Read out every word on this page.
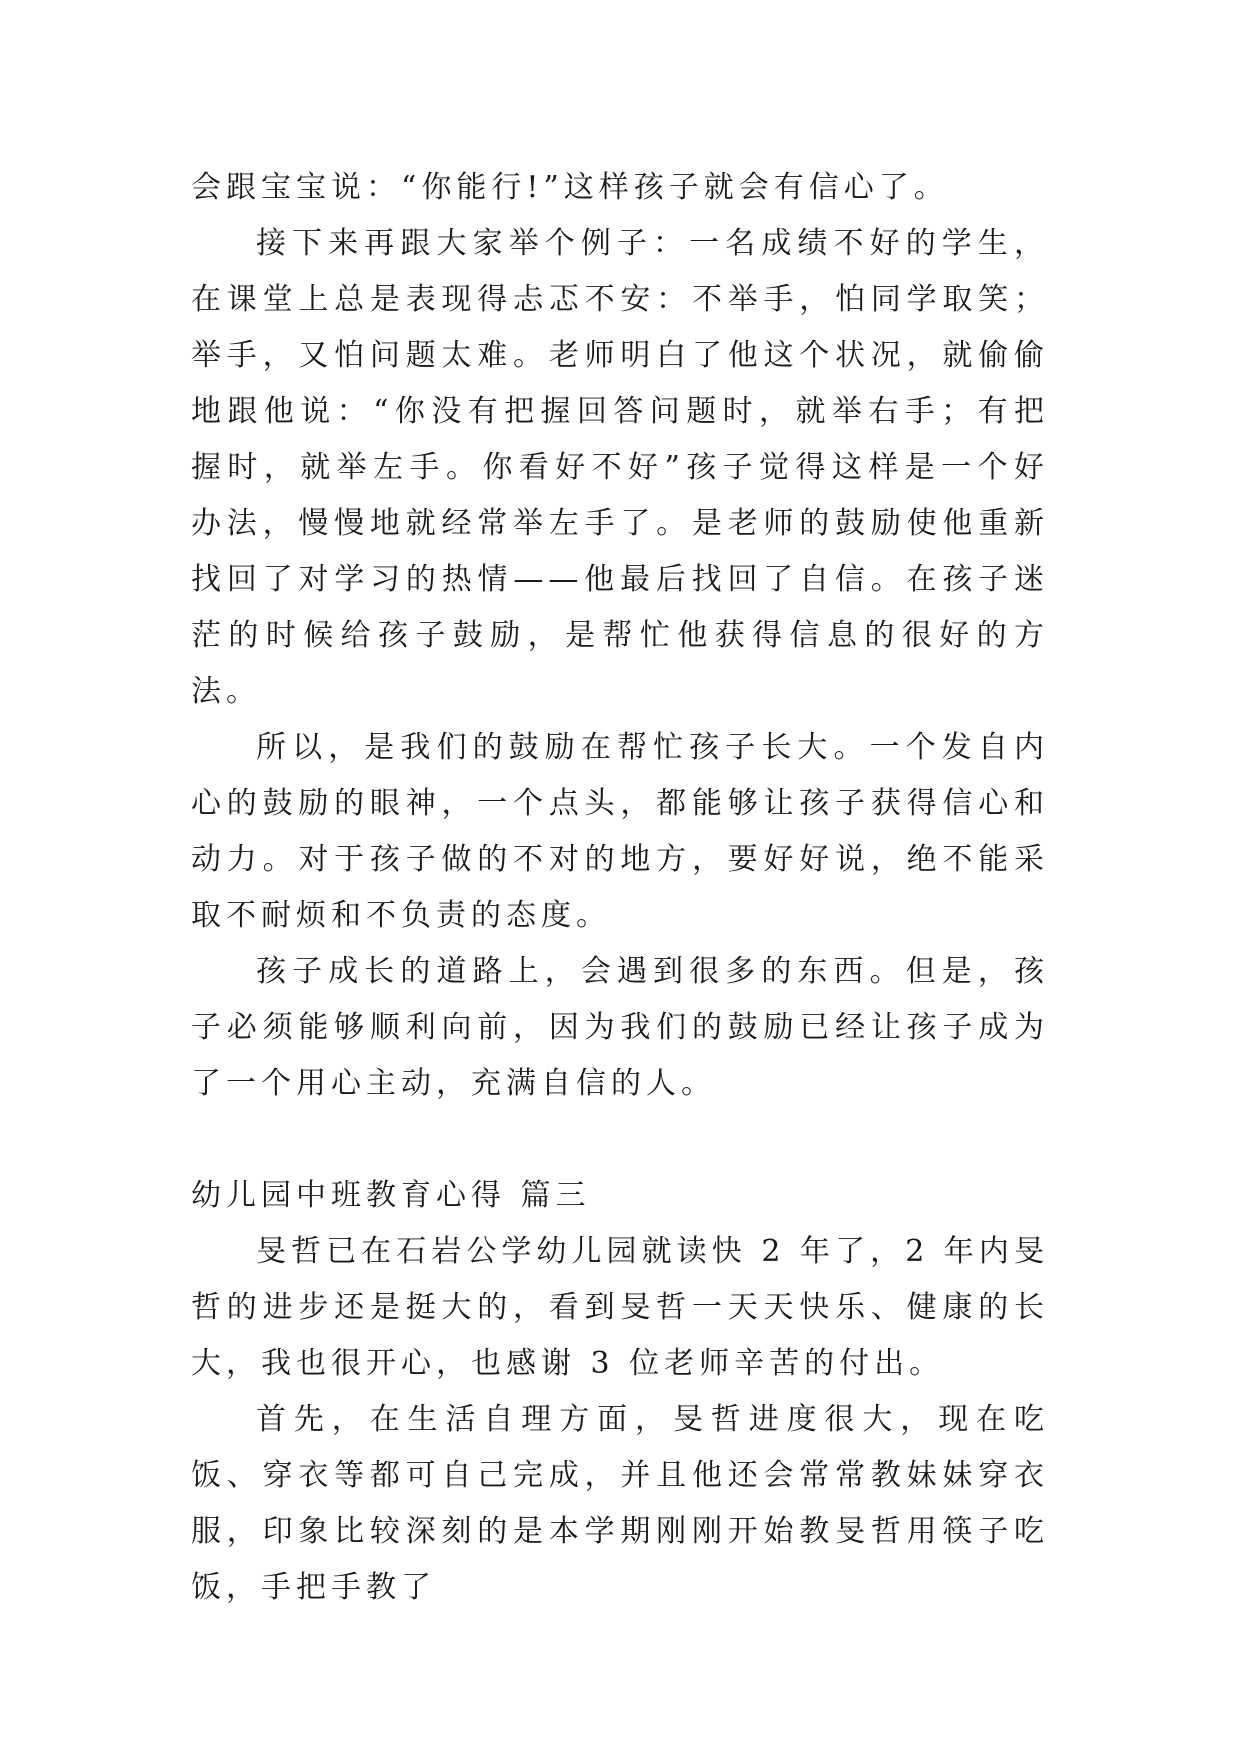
会跟宝宝说：“你能行!”这样孩子就会有信心了。

接下来再跟大家举个例子：一名成绩不好的学生，在课堂上总是表现得忐忑不安：不举手，怕同学取笑；举手，又怕问题太难。老师明白了他这个状况，就偷偷地跟他说：“你没有把握回答问题时，就举右手；有把握时，就举左手。你看好不好”孩子觉得这样是一个好办法，慢慢地就经常举左手了。是老师的鼓励使他重新找回了对学习的热情——他最后找回了自信。在孩子迷茫的时候给孩子鼓励，是帮忙他获得信息的很好的方法。

所以，是我们的鼓励在帮忙孩子长大。一个发自内心的鼓励的眼神，一个点头，都能够让孩子获得信心和动力。对于孩子做的不对的地方，要好好说，绝不能采取不耐烦和不负责的态度。

孩子成长的道路上，会遇到很多的东西。但是，孩子必须能够顺利向前，因为我们的鼓励已经让孩子成为了一个用心主动，充满自信的人。

幼儿园中班教育心得 篇三

旻哲已在石岩公学幼儿园就读快 2 年了，2 年内旻哲的进步还是挺大的，看到旻哲一天天快乐、健康的长大，我也很开心，也感谢 3 位老师辛苦的付出。

首先，在生活自理方面，旻哲进度很大，现在吃饭、穿衣等都可自己完成，并且他还会常常教妹妹穿衣服，印象比较深刻的是本学期刚刚开始教旻哲用筷子吃饭，手把手教了
